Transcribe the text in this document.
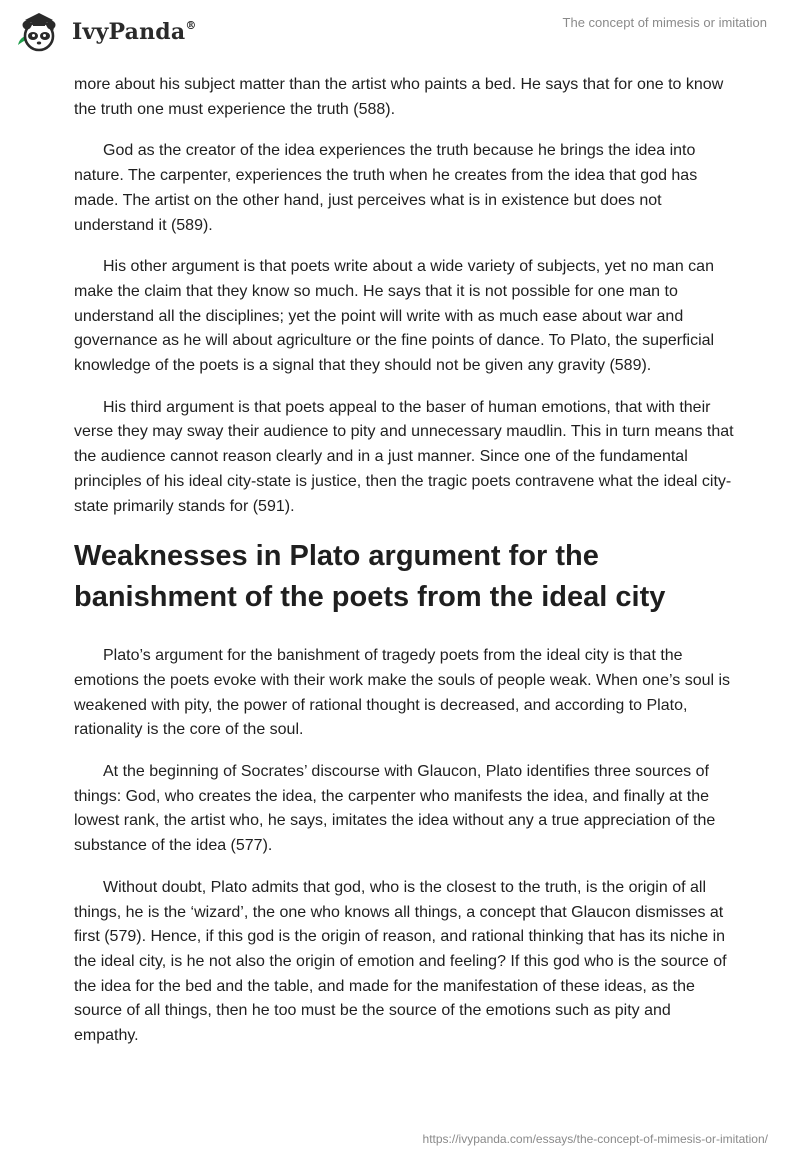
IvyPanda®	The concept of mimesis or imitation

more about his subject matter than the artist who paints a bed. He says that for one to know the truth one must experience the truth (588).

God as the creator of the idea experiences the truth because he brings the idea into nature. The carpenter, experiences the truth when he creates from the idea that god has made. The artist on the other hand, just perceives what is in existence but does not understand it (589).

His other argument is that poets write about a wide variety of subjects, yet no man can make the claim that they know so much. He says that it is not possible for one man to understand all the disciplines; yet the point will write with as much ease about war and governance as he will about agriculture or the fine points of dance. To Plato, the superficial knowledge of the poets is a signal that they should not be given any gravity (589).

His third argument is that poets appeal to the baser of human emotions, that with their verse they may sway their audience to pity and unnecessary maudlin. This in turn means that the audience cannot reason clearly and in a just manner. Since one of the fundamental principles of his ideal city-state is justice, then the tragic poets contravene what the ideal city-state primarily stands for (591).

Weaknesses in Plato argument for the banishment of the poets from the ideal city

Plato’s argument for the banishment of tragedy poets from the ideal city is that the emotions the poets evoke with their work make the souls of people weak. When one’s soul is weakened with pity, the power of rational thought is decreased, and according to Plato, rationality is the core of the soul.

At the beginning of Socrates’ discourse with Glaucon, Plato identifies three sources of things: God, who creates the idea, the carpenter who manifests the idea, and finally at the lowest rank, the artist who, he says, imitates the idea without any a true appreciation of the substance of the idea (577).

Without doubt, Plato admits that god, who is the closest to the truth, is the origin of all things, he is the ‘wizard’, the one who knows all things, a concept that Glaucon dismisses at first (579). Hence, if this god is the origin of reason, and rational thinking that has its niche in the ideal city, is he not also the origin of emotion and feeling? If this god who is the source of the idea for the bed and the table, and made for the manifestation of these ideas, as the source of all things, then he too must be the source of the emotions such as pity and empathy.

https://ivypanda.com/essays/the-concept-of-mimesis-or-imitation/
